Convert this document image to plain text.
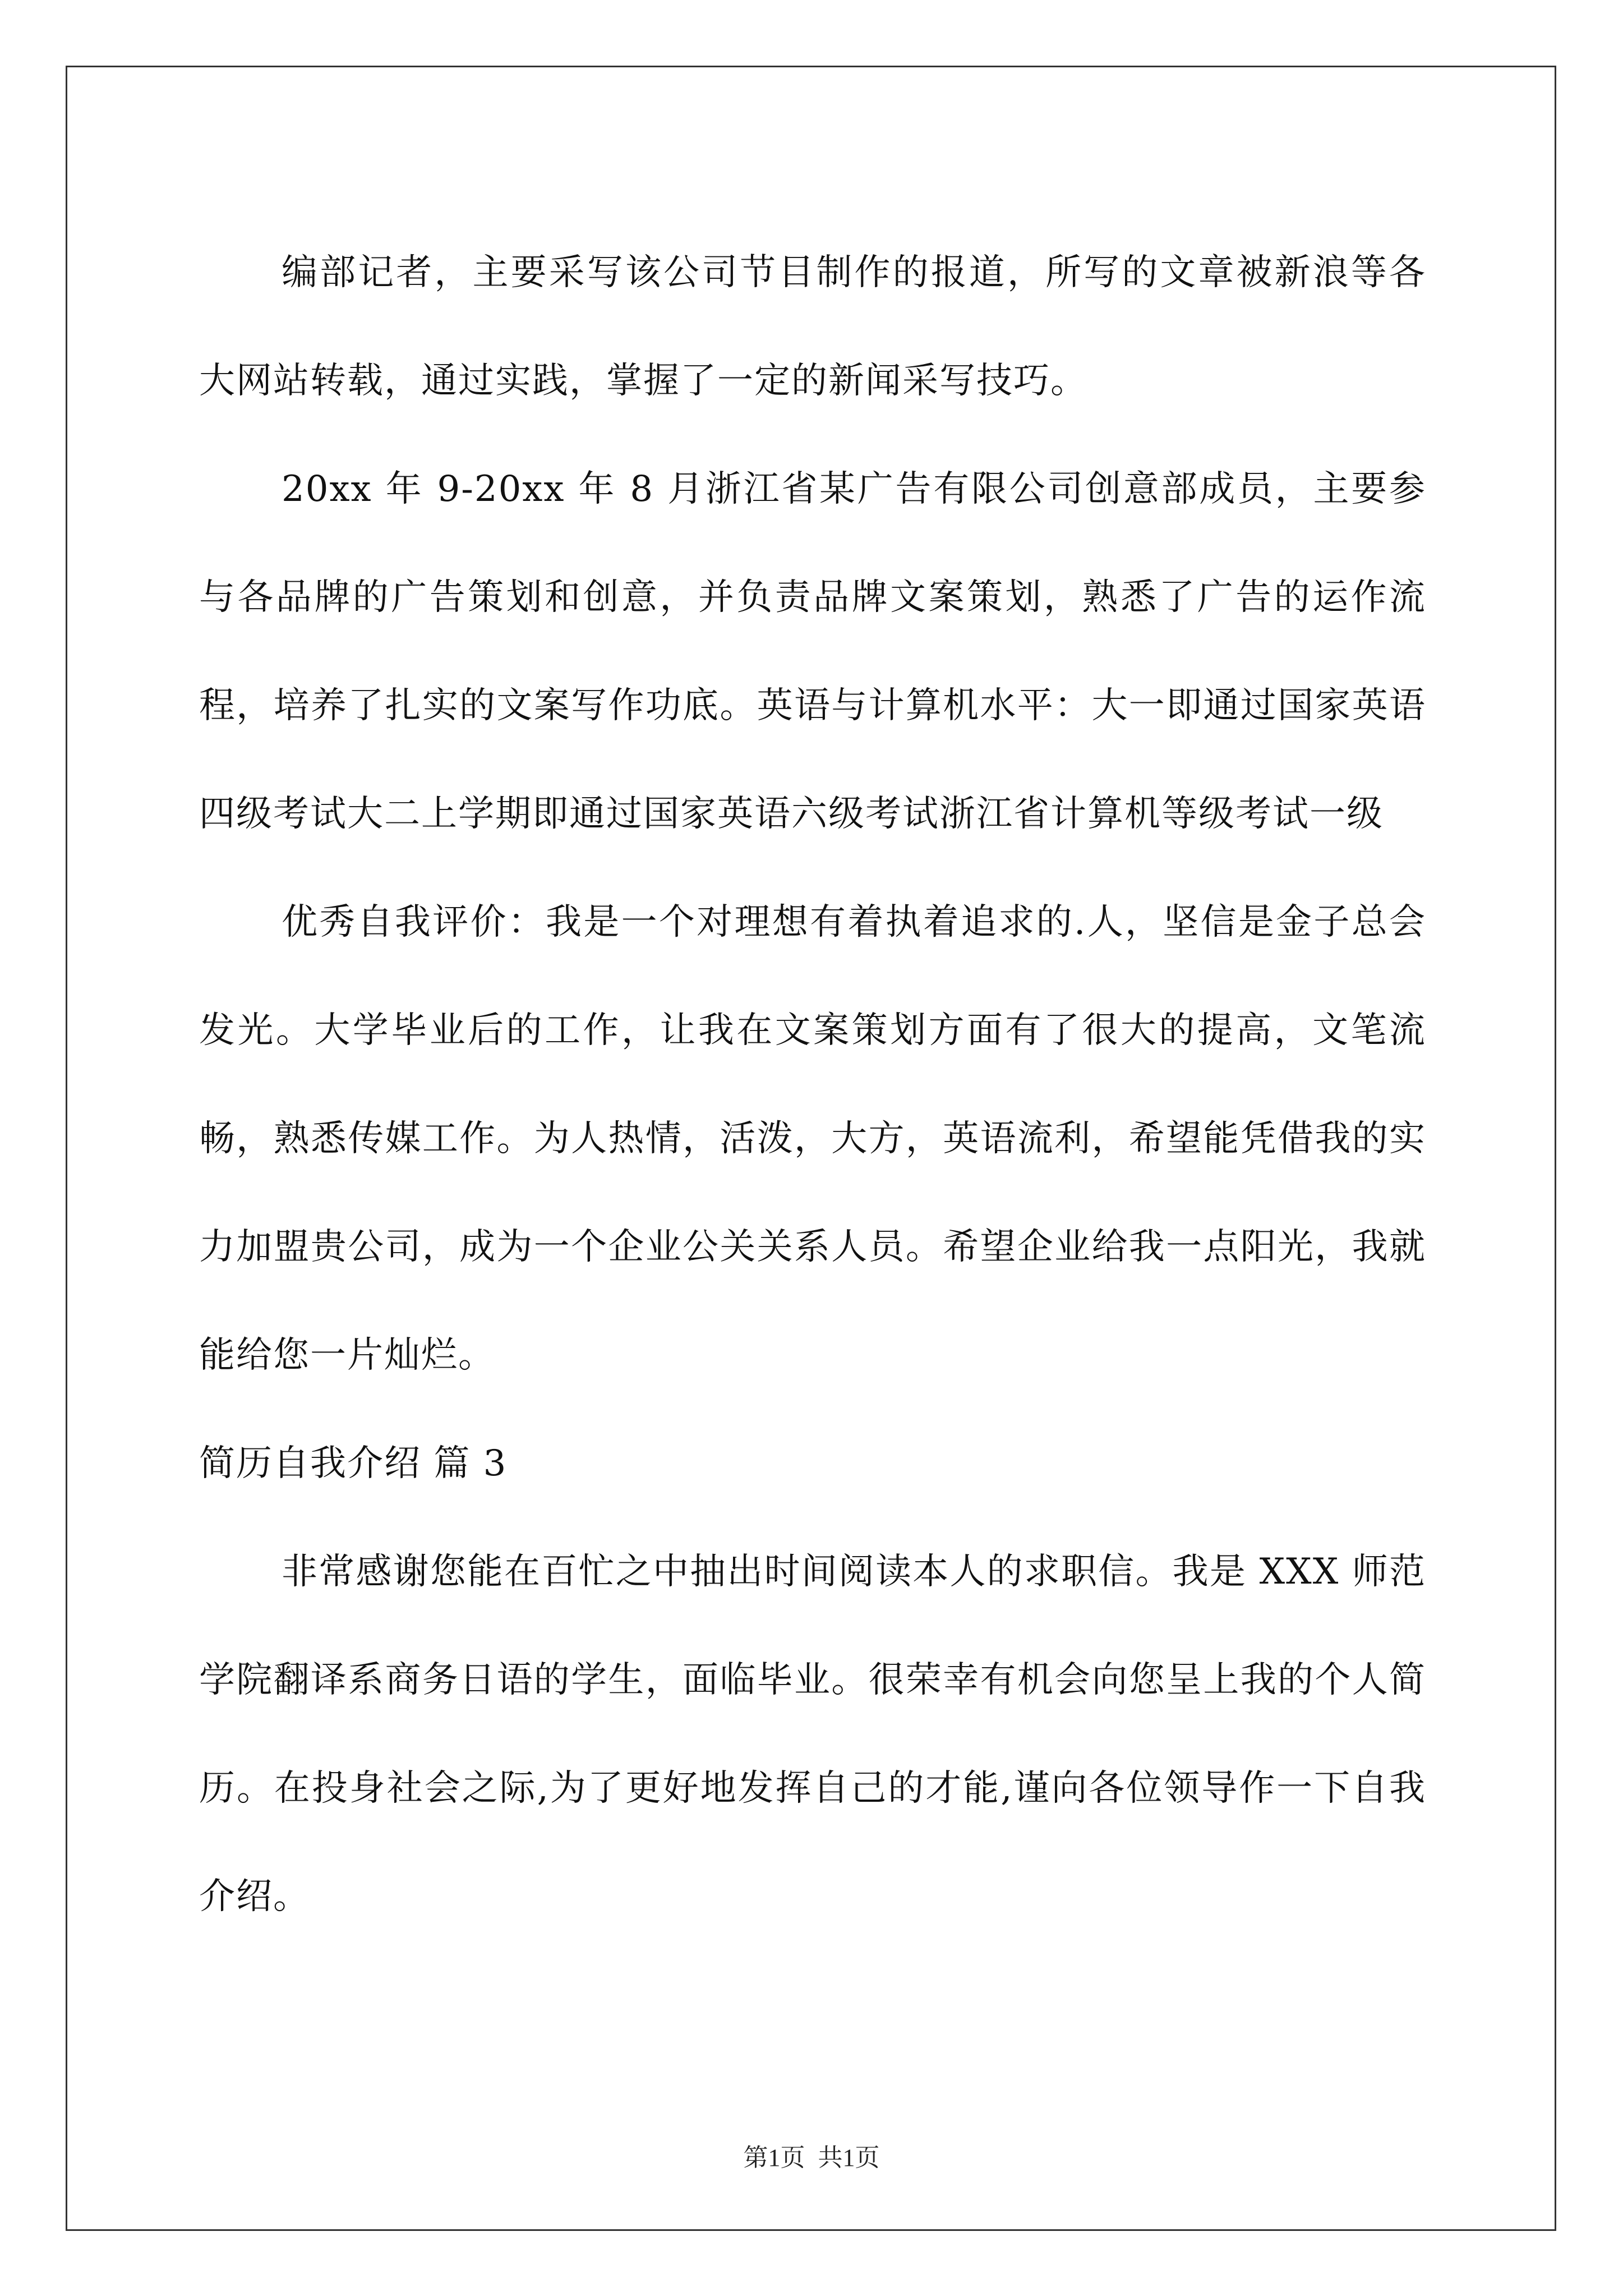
编部记者，主要采写该公司节目制作的报道，所写的文章被新浪等各大网站转载，通过实践，掌握了一定的新闻采写技巧。

20xx 年 9-20xx 年 8 月浙江省某广告有限公司创意部成员，主要参与各品牌的广告策划和创意，并负责品牌文案策划，熟悉了广告的运作流程，培养了扎实的文案写作功底。英语与计算机水平：大一即通过国家英语四级考试大二上学期即通过国家英语六级考试浙江省计算机等级考试一级

优秀自我评价：我是一个对理想有着执着追求的.人，坚信是金子总会发光。大学毕业后的工作，让我在文案策划方面有了很大的提高，文笔流畅，熟悉传媒工作。为人热情，活泼，大方，英语流利，希望能凭借我的实力加盟贵公司，成为一个企业公关关系人员。希望企业给我一点阳光，我就能给您一片灿烂。

简历自我介绍 篇 3

非常感谢您能在百忙之中抽出时间阅读本人的求职信。我是 XXX 师范学院翻译系商务日语的学生，面临毕业。很荣幸有机会向您呈上我的个人简历。在投身社会之际,为了更好地发挥自己的才能,谨向各位领导作一下自我介绍。

第1页 共1页
